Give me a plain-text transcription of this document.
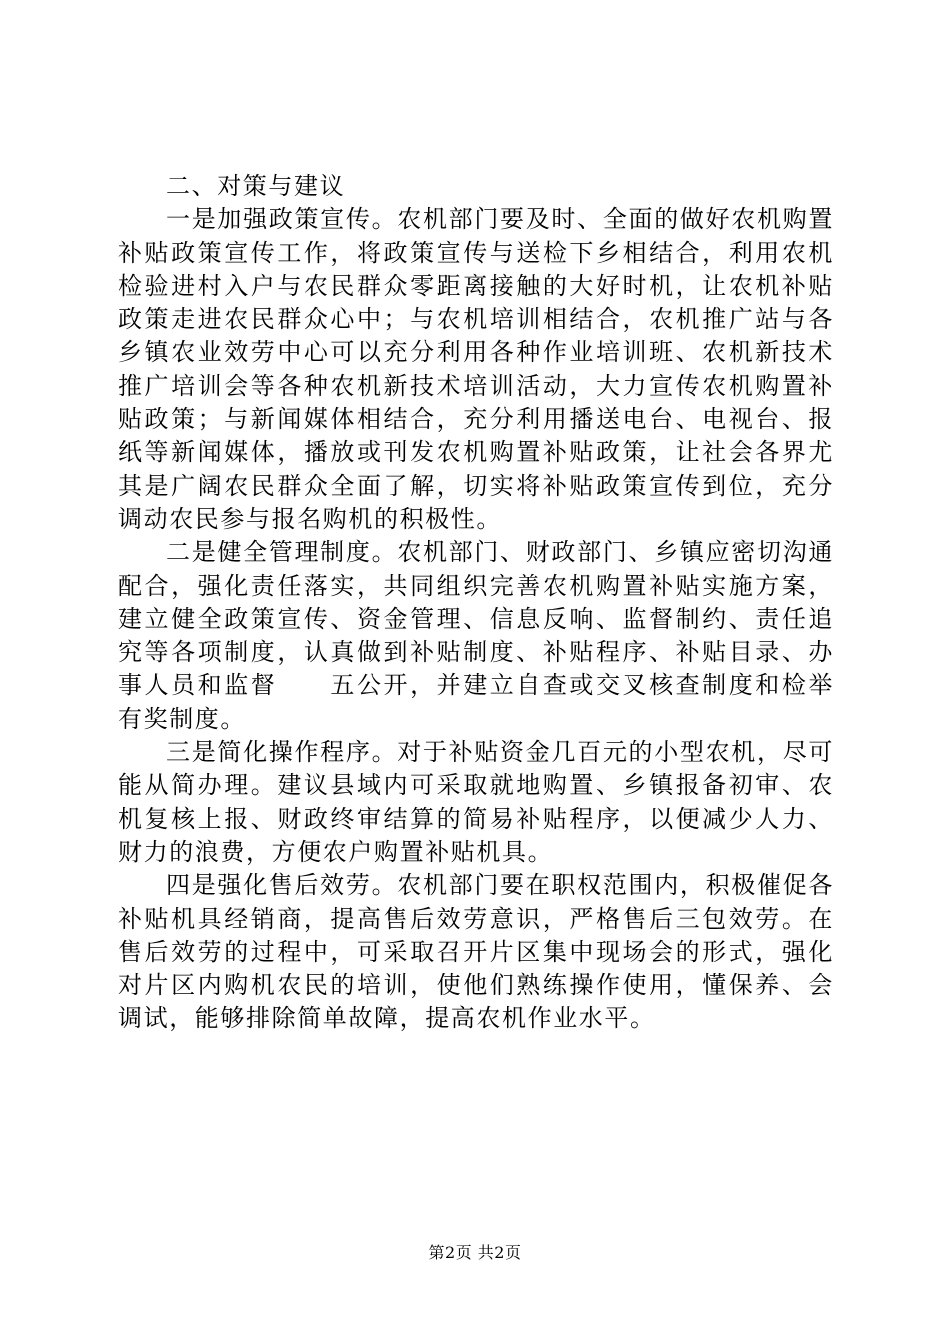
二、对策与建议

一是加强政策宣传。农机部门要及时、全面的做好农机购置补贴政策宣传工作，将政策宣传与送检下乡相结合，利用农机检验进村入户与农民群众零距离接触的大好时机，让农机补贴政策走进农民群众心中；与农机培训相结合，农机推广站与各乡镇农业效劳中心可以充分利用各种作业培训班、农机新技术推广培训会等各种农机新技术培训活动，大力宣传农机购置补贴政策；与新闻媒体相结合，充分利用播送电台、电视台、报纸等新闻媒体，播放或刊发农机购置补贴政策，让社会各界尤其是广阔农民群众全面了解，切实将补贴政策宣传到位，充分调动农民参与报名购机的积极性。

二是健全管理制度。农机部门、财政部门、乡镇应密切沟通配合，强化责任落实，共同组织完善农机购置补贴实施方案，建立健全政策宣传、资金管理、信息反响、监督制约、责任追究等各项制度，认真做到补贴制度、补贴程序、补贴目录、办事人员和监督　　五公开，并建立自查或交叉核查制度和检举有奖制度。

三是简化操作程序。对于补贴资金几百元的小型农机，尽可能从简办理。建议县域内可采取就地购置、乡镇报备初审、农机复核上报、财政终审结算的简易补贴程序，以便减少人力、财力的浪费，方便农户购置补贴机具。

四是强化售后效劳。农机部门要在职权范围内，积极催促各补贴机具经销商，提高售后效劳意识，严格售后三包效劳。在售后效劳的过程中，可采取召开片区集中现场会的形式，强化对片区内购机农民的培训，使他们熟练操作使用，懂保养、会调试，能够排除简单故障，提高农机作业水平。

第2页 共2页
